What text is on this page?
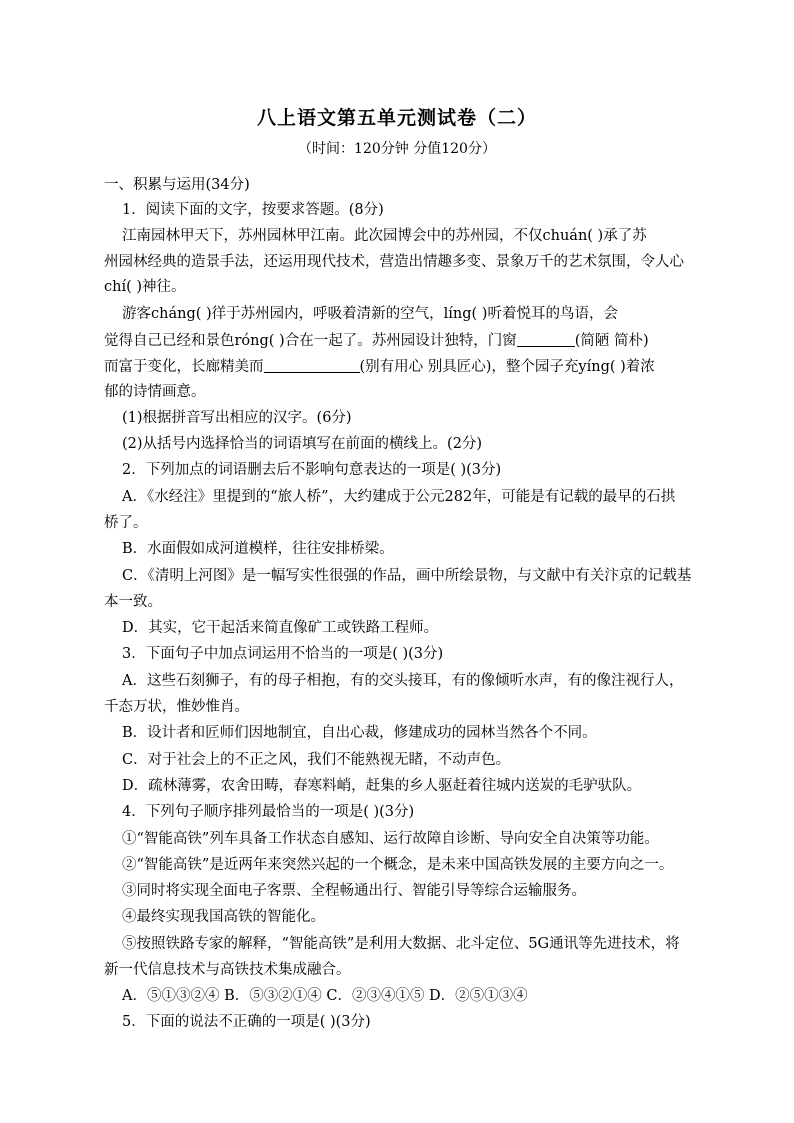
八上语文第五单元测试卷（二）
（时间：120分钟 分值120分）
一、积累与运用(34分)
1．阅读下面的文字，按要求答题。(8分)
江南园林甲天下，苏州园林甲江南。此次园博会中的苏州园，不仅chuán( )承了苏
州园林经典的造景手法，还运用现代技术，营造出情趣多变、景象万千的艺术氛围，令人心
chí( )神往。
游客cháng( )徉于苏州园内，呼吸着清新的空气，líng( )听着悦耳的鸟语，会
觉得自己已经和景色róng( )合在一起了。苏州园设计独特，门窗	(简陋 简朴)
而富于变化，长廊精美而	(别有用心 别具匠心)，整个园子充yíng( )着浓
郁的诗情画意。
(1)根据拼音写出相应的汉字。(6分)
(2)从括号内选择恰当的词语填写在前面的横线上。(2分)
2．下列加点的词语删去后不影响句意表达的一项是( )(3分)
A．《水经注》里提到的“旅人桥”，大约建成于公元282年，可能是有记载的最早的石拱
桥了。
B．水面假如成河道模样，往往安排桥梁。
C．《清明上河图》是一幅写实性很强的作品，画中所绘景物，与文献中有关汴京的记载基
本一致。
D．其实，它干起活来简直像矿工或铁路工程师。
3．下面句子中加点词运用不恰当的一项是( )(3分)
A．这些石刻狮子，有的母子相抱，有的交头接耳，有的像倾听水声，有的像注视行人，
千态万状，惟妙惟肖。
B．设计者和匠师们因地制宜，自出心裁，修建成功的园林当然各个不同。
C．对于社会上的不正之风，我们不能熟视无睹，不动声色。
D．疏林薄雾，农舍田畴，春寒料峭，赶集的乡人驱赶着往城内送炭的毛驴驮队。
4．下列句子顺序排列最恰当的一项是( )(3分)
①“智能高铁”列车具备工作状态自感知、运行故障自诊断、导向安全自决策等功能。
②“智能高铁”是近两年来突然兴起的一个概念，是未来中国高铁发展的主要方向之一。
③同时将实现全面电子客票、全程畅通出行、智能引导等综合运输服务。
④最终实现我国高铁的智能化。
⑤按照铁路专家的解释，“智能高铁”是利用大数据、北斗定位、5G通讯等先进技术，将
新一代信息技术与高铁技术集成融合。
A．⑤①③②④ B．⑤③②①④ C．②③④①⑤ D．②⑤①③④
5．下面的说法不正确的一项是( )(3分)
